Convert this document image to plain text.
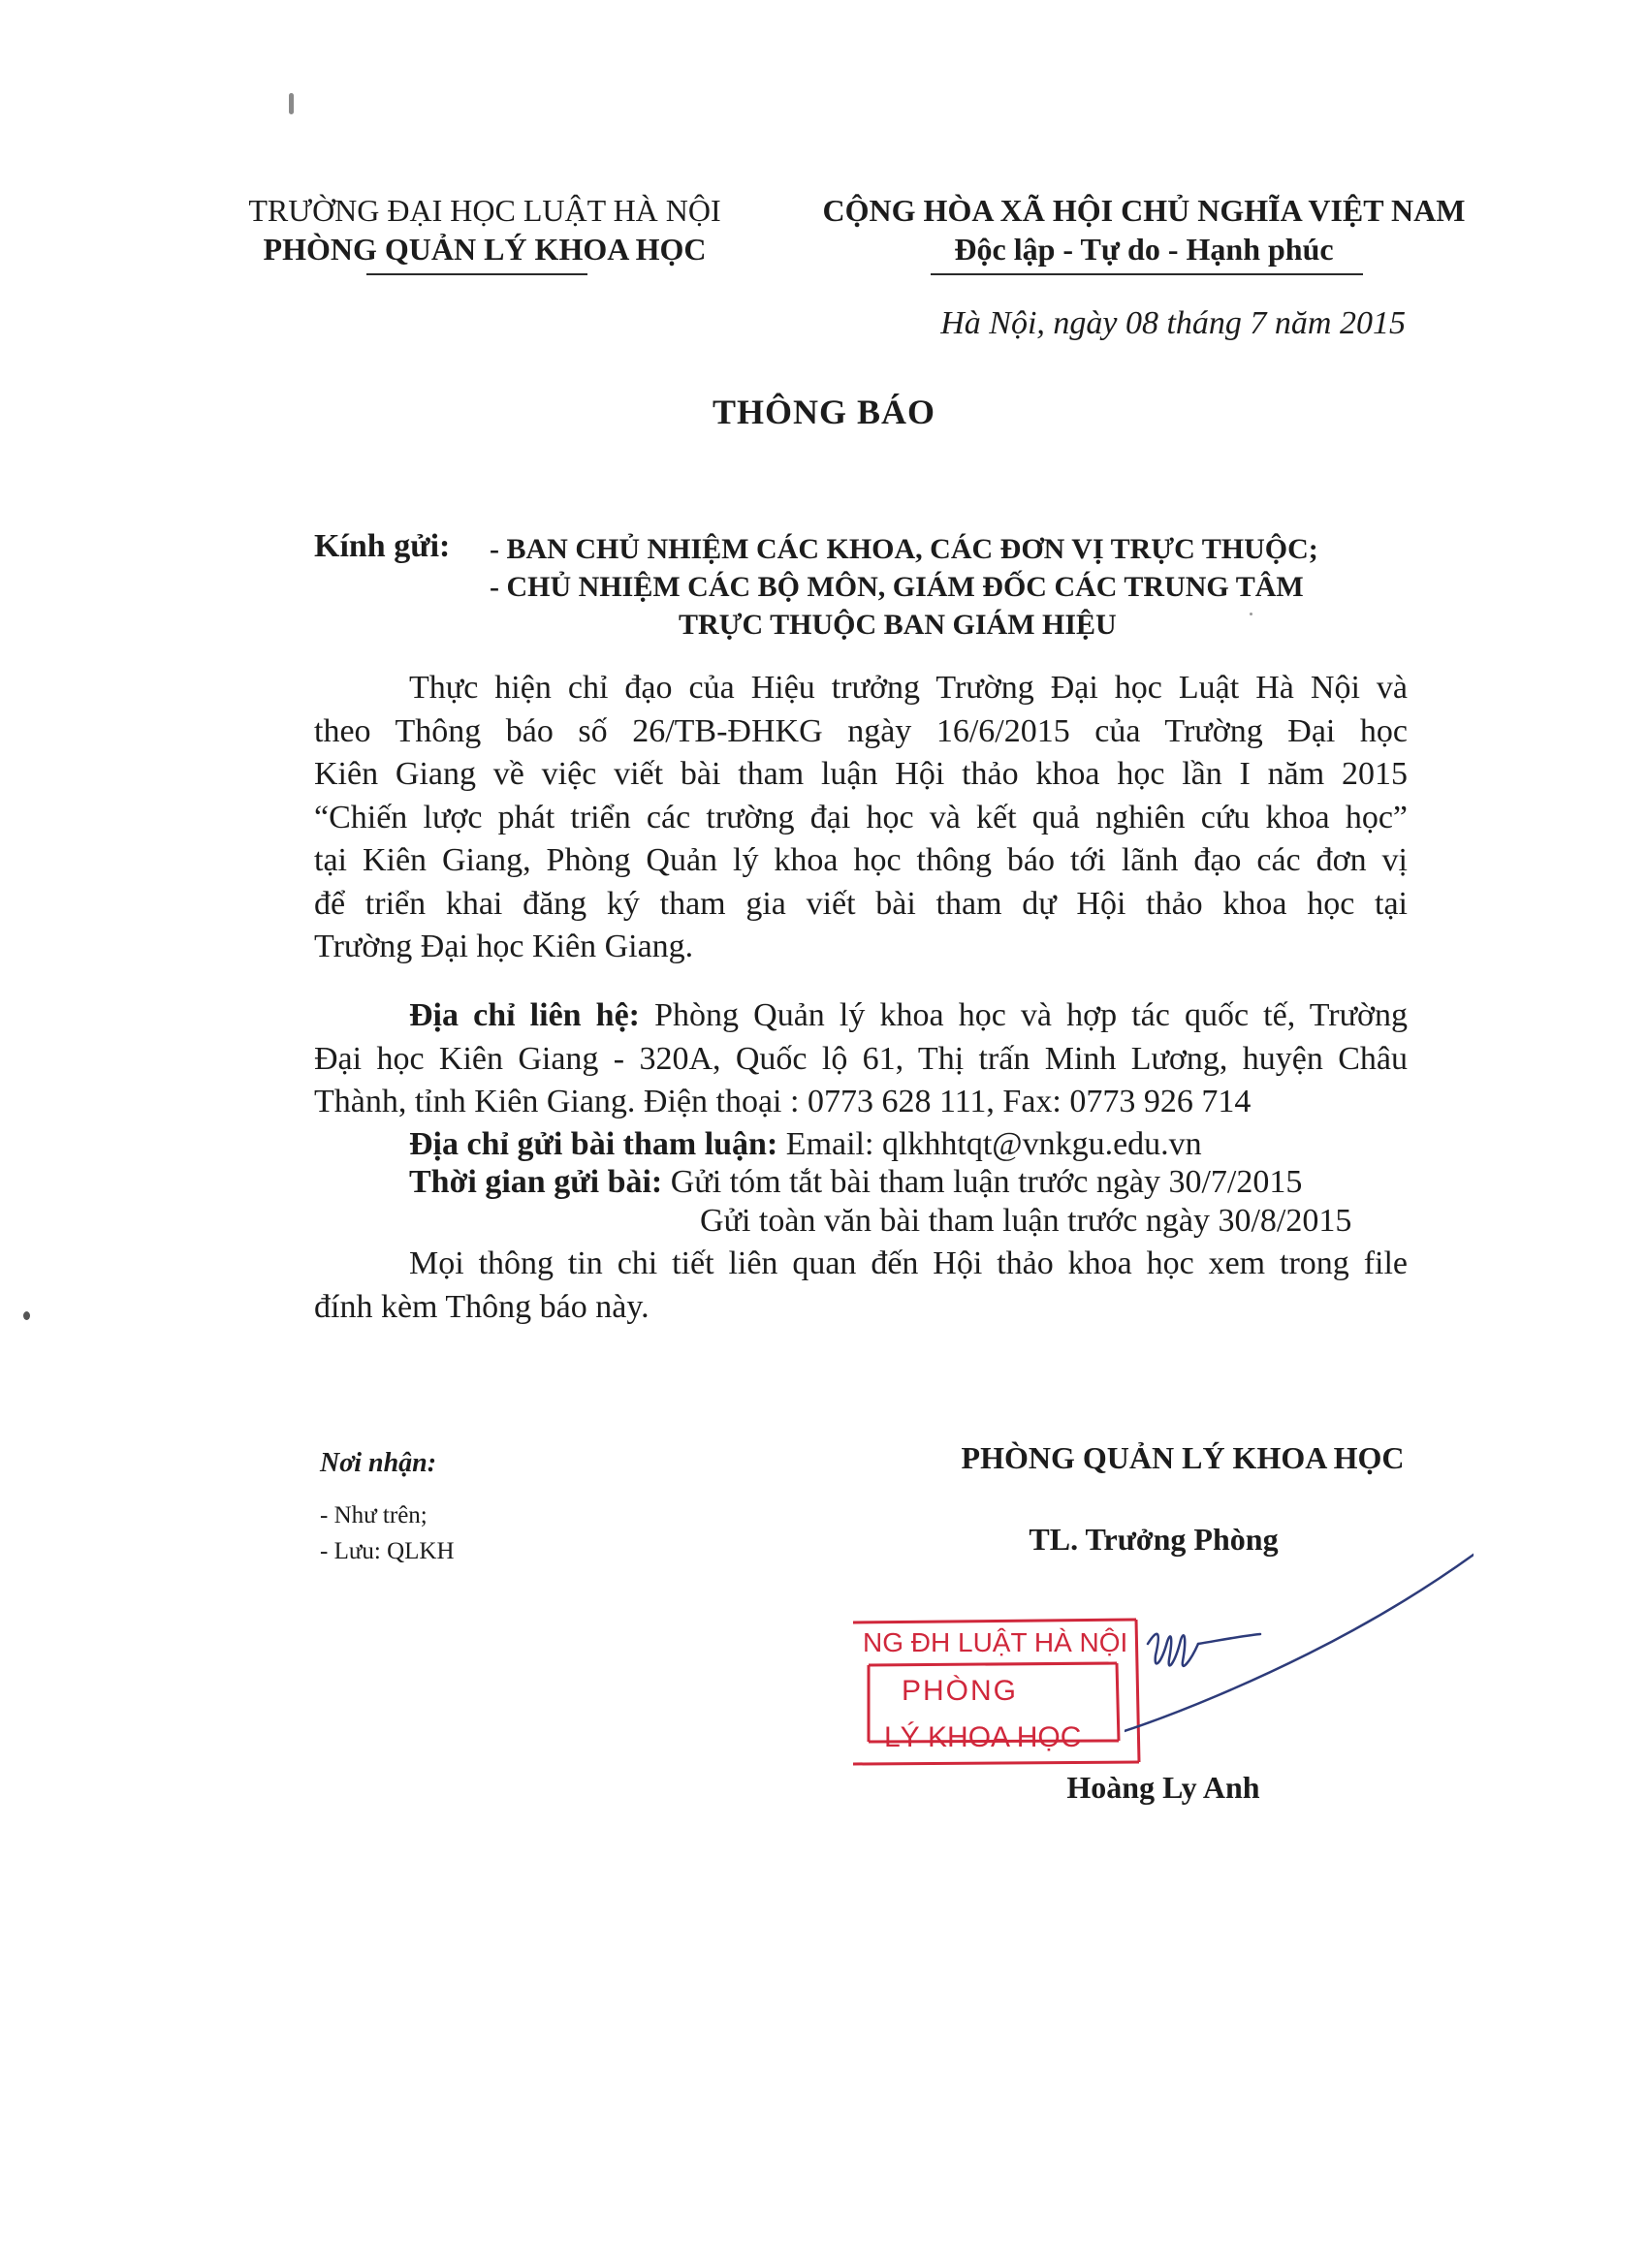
TRƯỜNG ĐẠI HỌC LUẬT HÀ NỘI
PHÒNG QUẢN LÝ KHOA HỌC
CỘNG HÒA XÃ HỘI CHỦ NGHĨA VIỆT NAM
Độc lập - Tự do - Hạnh phúc
Hà Nội, ngày 08 tháng 7 năm 2015
THÔNG BÁO
Kính gửi: - BAN CHỦ NHIỆM CÁC KHOA, CÁC ĐƠN VỊ TRỰC THUỘC;
- CHỦ NHIỆM CÁC BỘ MÔN, GIÁM ĐỐC CÁC TRUNG TÂM
TRỰC THUỘC BAN GIÁM HIỆU
Thực hiện chỉ đạo của Hiệu trưởng Trường Đại học Luật Hà Nội và
theo Thông báo số 26/TB-ĐHKG ngày 16/6/2015 của Trường Đại học
Kiên Giang về việc viết bài tham luận Hội thảo khoa học lần I năm 2015
“Chiến lược phát triển các trường đại học và kết quả nghiên cứu khoa học”
tại Kiên Giang, Phòng Quản lý khoa học thông báo tới lãnh đạo các đơn vị
để triển khai đăng ký tham gia viết bài tham dự Hội thảo khoa học tại
Trường Đại học Kiên Giang.
Địa chỉ liên hệ: Phòng Quản lý khoa học và hợp tác quốc tế, Trường
Đại học Kiên Giang - 320A, Quốc lộ 61, Thị trấn Minh Lương, huyện Châu
Thành, tỉnh Kiên Giang. Điện thoại : 0773 628 111, Fax: 0773 926 714
Địa chỉ gửi bài tham luận: Email: qlkhhtqt@vnkgu.edu.vn
Thời gian gửi bài: Gửi tóm tắt bài tham luận trước ngày 30/7/2015
Gửi toàn văn bài tham luận trước ngày 30/8/2015
Mọi thông tin chi tiết liên quan đến Hội thảo khoa học xem trong file
đính kèm Thông báo này.
Nơi nhận:
- Như trên;
- Lưu: QLKH
PHÒNG QUẢN LÝ KHOA HỌC
TL. Trưởng Phòng
NG ĐH LUẬT HÀ NỘI
PHÒNG
LÝ KHOA HỌC
Hoàng Ly Anh
